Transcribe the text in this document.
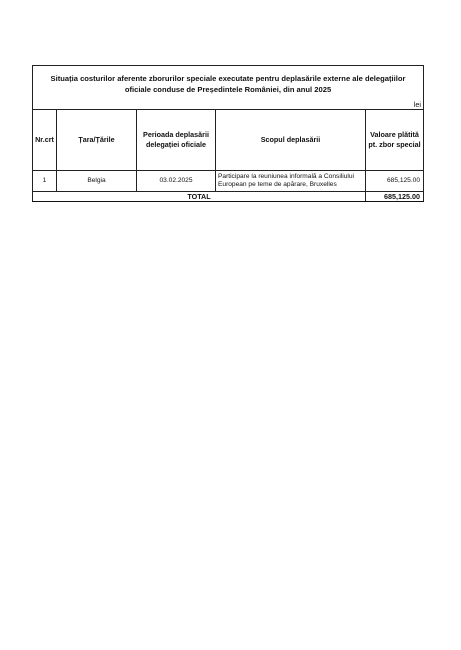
Situația costurilor aferente zborurilor speciale executate pentru deplasările externe ale delegațiilor oficiale conduse de Președintele României, din anul 2025				
lei				
Nr.crt	Țara/Țările	Perioada deplasării delegației oficiale	Scopul deplasării	Valoare plătită pt. zbor special
1	Belgia	03.02.2025	Participare la reuniunea informală a Consiliului European pe teme de apărare, Bruxelles	685,125.00
TOTAL				685,125.00
